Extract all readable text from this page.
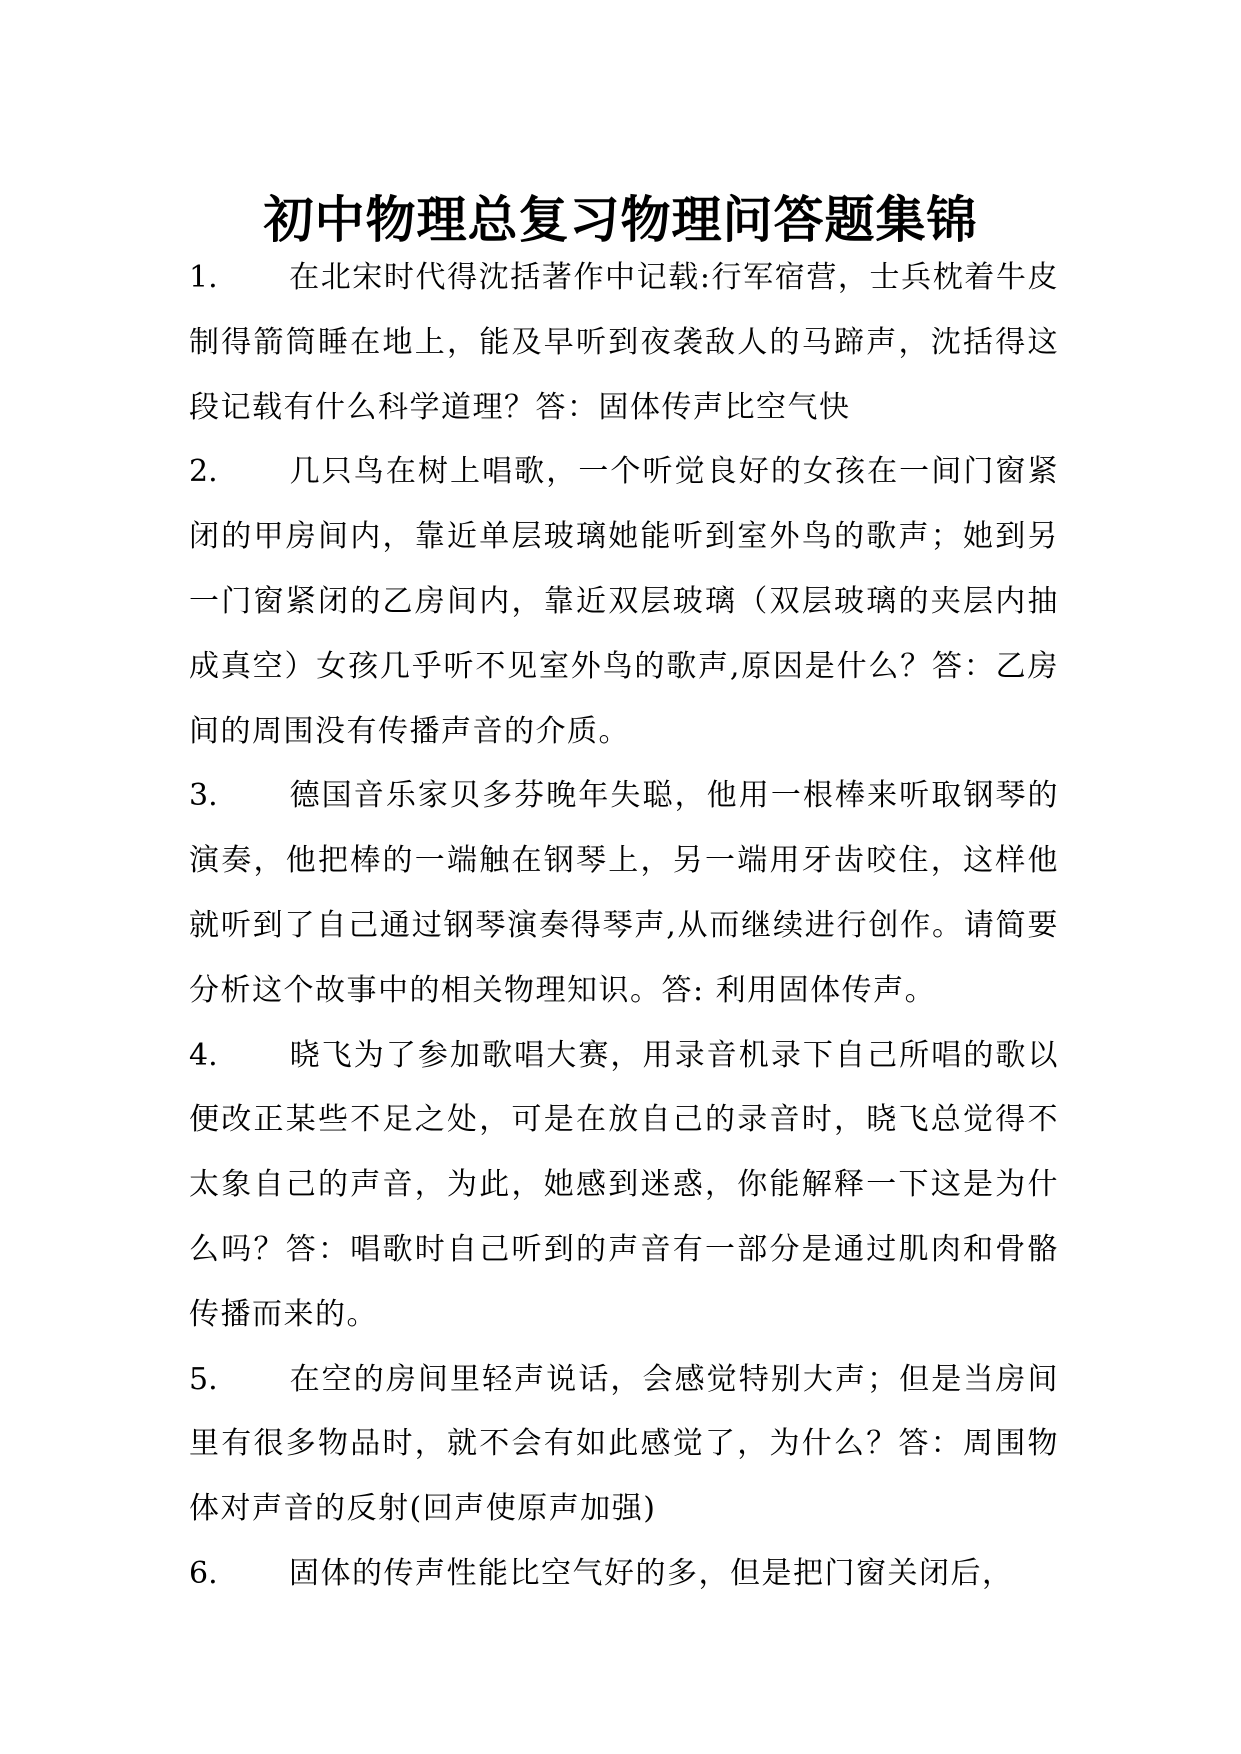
初中物理总复习物理问答题集锦

1. 在北宋时代得沈括著作中记载:行军宿营，士兵枕着牛皮制得箭筒睡在地上，能及早听到夜袭敌人的马蹄声，沈括得这段记载有什么科学道理？答：固体传声比空气快

2. 几只鸟在树上唱歌，一个听觉良好的女孩在一间门窗紧闭的甲房间内，靠近单层玻璃她能听到室外鸟的歌声；她到另一门窗紧闭的乙房间内，靠近双层玻璃（双层玻璃的夹层内抽成真空）女孩几乎听不见室外鸟的歌声,原因是什么？答：乙房间的周围没有传播声音的介质。

3. 德国音乐家贝多芬晚年失聪，他用一根棒来听取钢琴的演奏，他把棒的一端触在钢琴上，另一端用牙齿咬住，这样他就听到了自己通过钢琴演奏得琴声,从而继续进行创作。请简要分析这个故事中的相关物理知识。答: 利用固体传声。

4. 晓飞为了参加歌唱大赛，用录音机录下自己所唱的歌以便改正某些不足之处，可是在放自己的录音时，晓飞总觉得不太象自己的声音，为此，她感到迷惑，你能解释一下这是为什么吗？答：唱歌时自己听到的声音有一部分是通过肌肉和骨骼传播而来的。

5. 在空的房间里轻声说话，会感觉特别大声；但是当房间里有很多物品时，就不会有如此感觉了，为什么？答：周围物体对声音的反射(回声使原声加强)

6. 固体的传声性能比空气好的多，但是把门窗关闭后，
